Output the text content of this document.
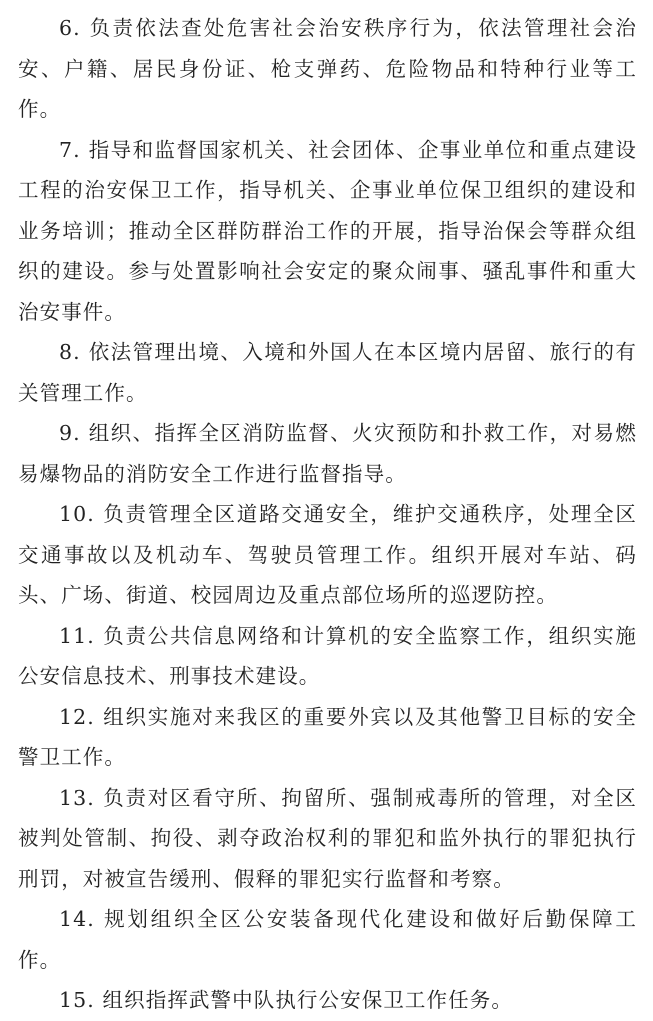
6. 负责依法查处危害社会治安秩序行为，依法管理社会治安、户籍、居民身份证、枪支弹药、危险物品和特种行业等工作。

7. 指导和监督国家机关、社会团体、企事业单位和重点建设工程的治安保卫工作，指导机关、企事业单位保卫组织的建设和业务培训；推动全区群防群治工作的开展，指导治保会等群众组织的建设。参与处置影响社会安定的聚众闹事、骚乱事件和重大治安事件。

8. 依法管理出境、入境和外国人在本区境内居留、旅行的有关管理工作。

9. 组织、指挥全区消防监督、火灾预防和扑救工作，对易燃易爆物品的消防安全工作进行监督指导。

10. 负责管理全区道路交通安全，维护交通秩序，处理全区交通事故以及机动车、驾驶员管理工作。组织开展对车站、码头、广场、街道、校园周边及重点部位场所的巡逻防控。

11. 负责公共信息网络和计算机的安全监察工作，组织实施公安信息技术、刑事技术建设。

12. 组织实施对来我区的重要外宾以及其他警卫目标的安全警卫工作。

13. 负责对区看守所、拘留所、强制戒毒所的管理，对全区被判处管制、拘役、剥夺政治权利的罪犯和监外执行的罪犯执行刑罚，对被宣告缓刑、假释的罪犯实行监督和考察。

14. 规划组织全区公安装备现代化建设和做好后勤保障工作。

15. 组织指挥武警中队执行公安保卫工作任务。
